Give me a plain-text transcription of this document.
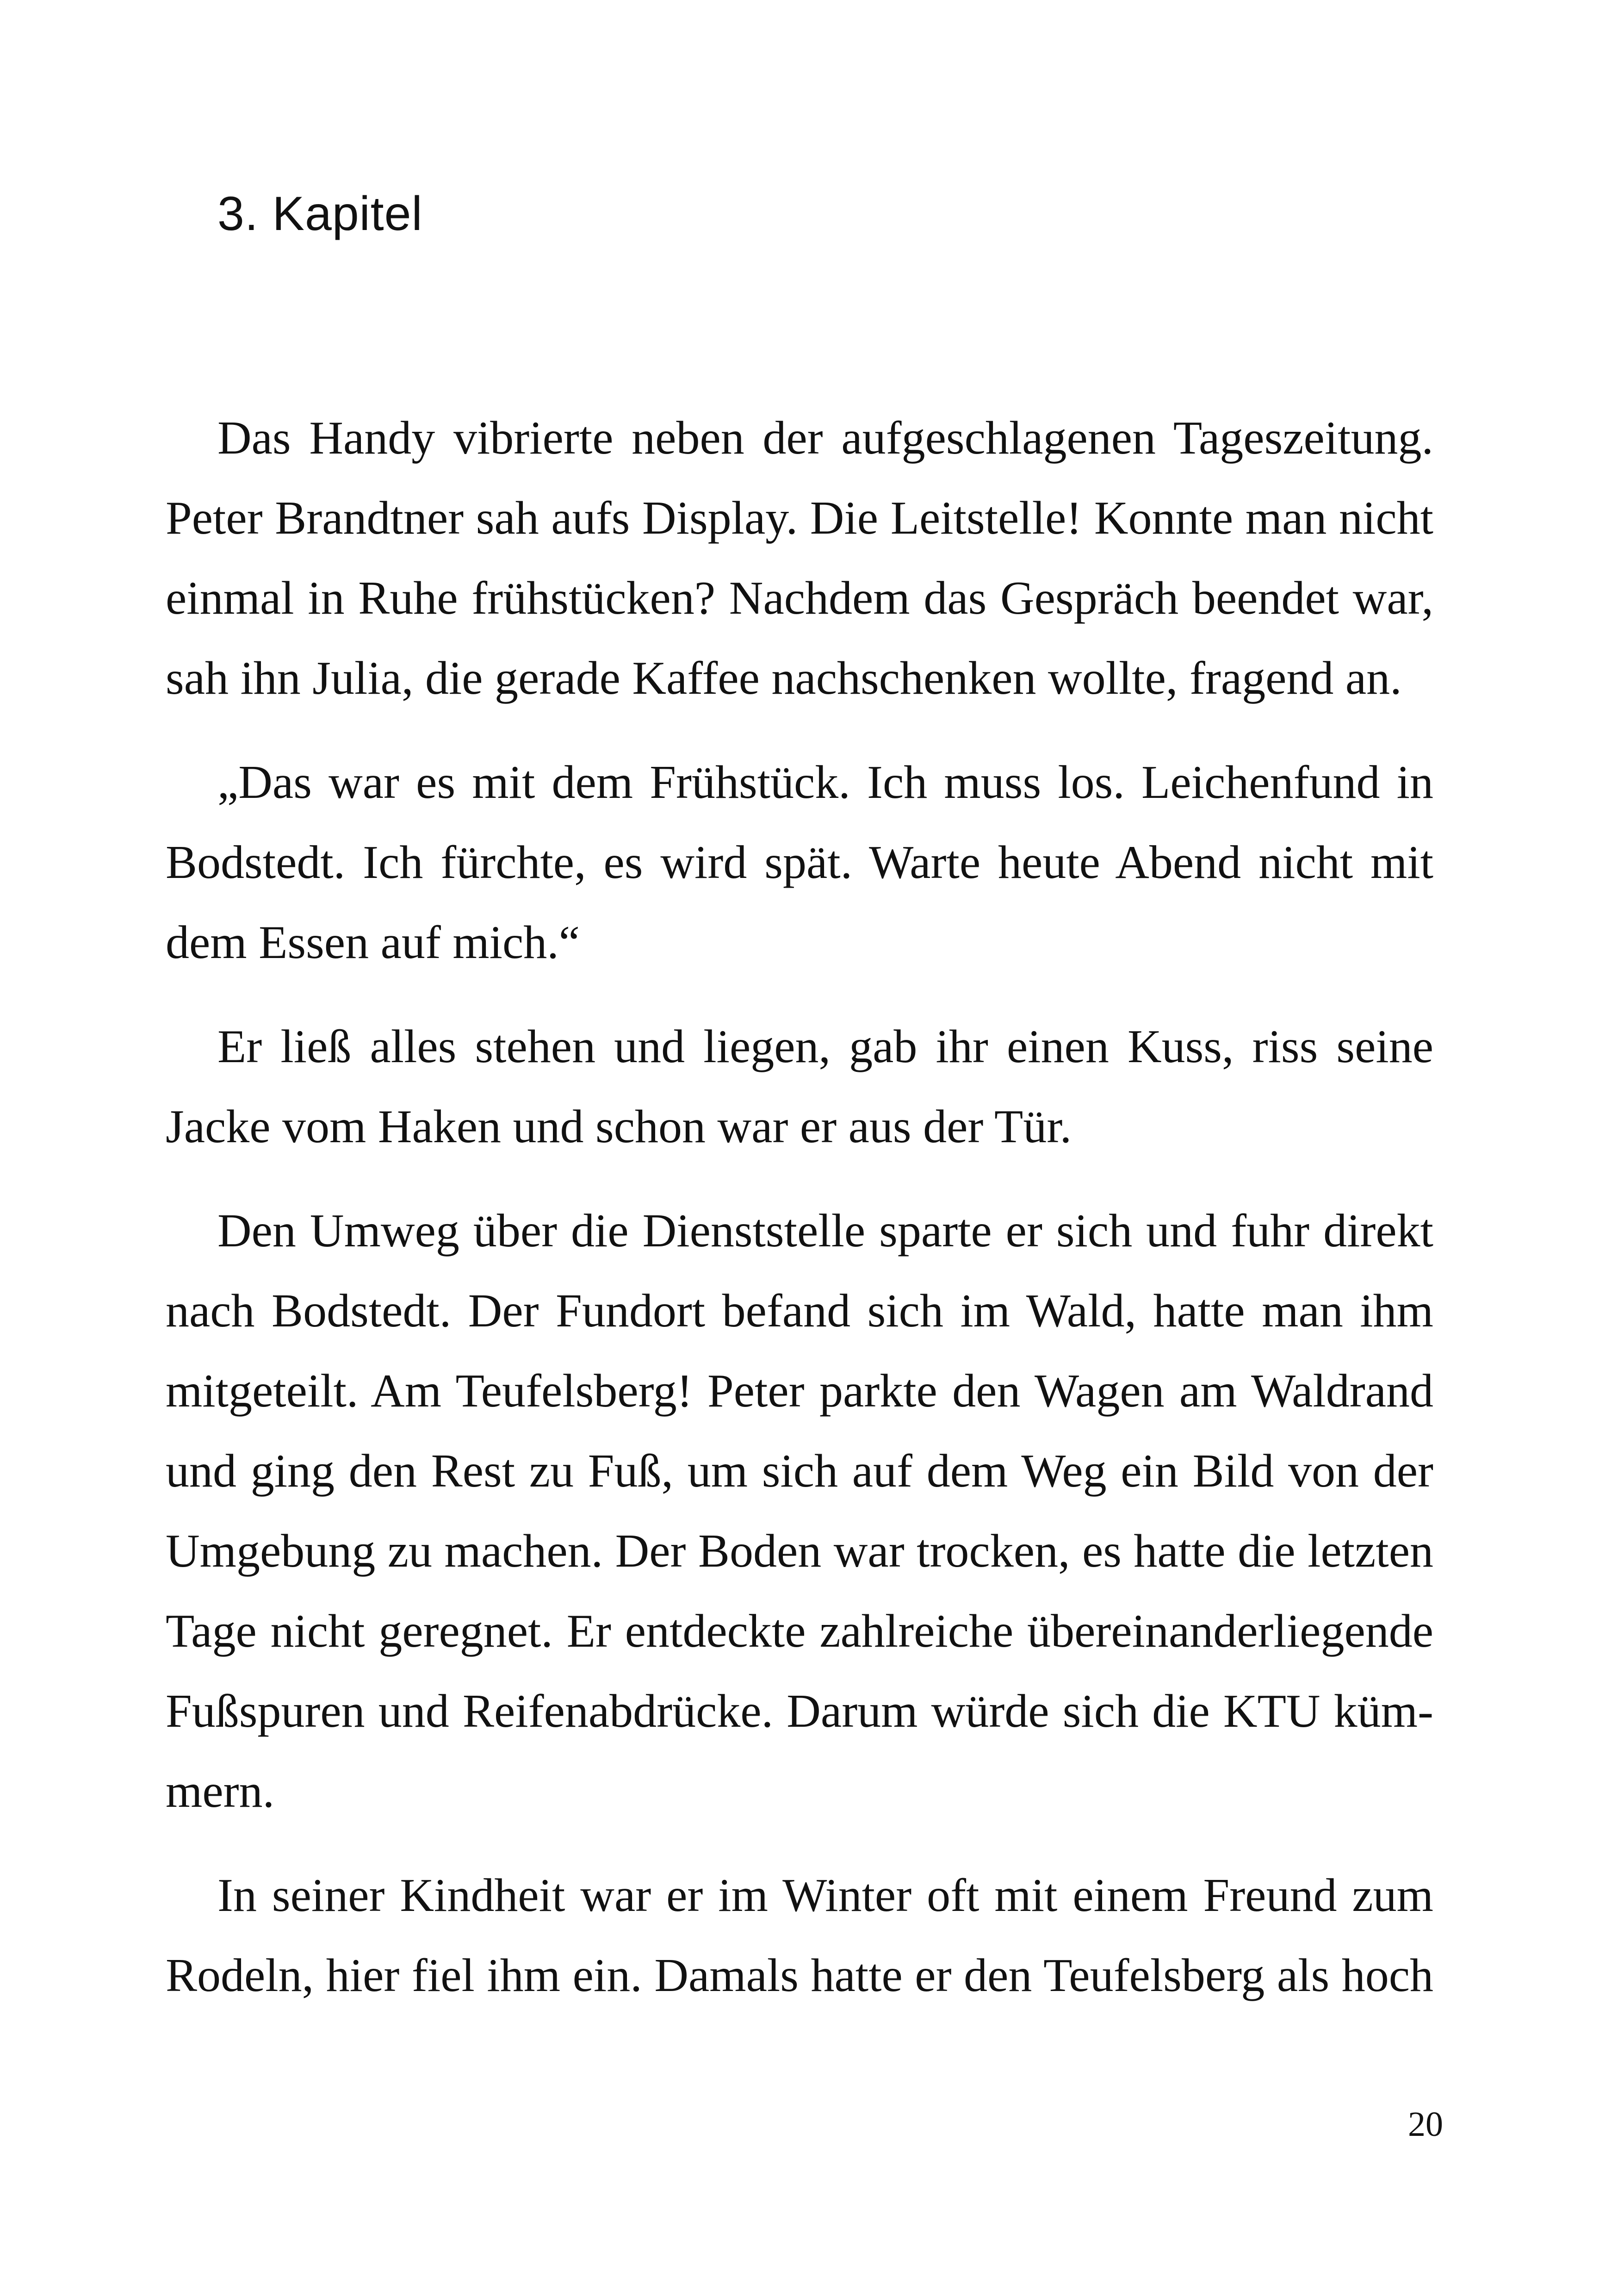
3. Kapitel

Das Handy vibrierte neben der aufgeschlagenen Tageszeitung. Peter Brandtner sah aufs Display. Die Leitstelle! Konnte man nicht einmal in Ruhe frühstücken? Nachdem das Gespräch beendet war, sah ihn Julia, die gerade Kaffee nachschenken wollte, fragend an.

„Das war es mit dem Frühstück. Ich muss los. Leichenfund in Bodstedt. Ich fürchte, es wird spät. Warte heute Abend nicht mit dem Essen auf mich.“

Er ließ alles stehen und liegen, gab ihr einen Kuss, riss seine Jacke vom Haken und schon war er aus der Tür.

Den Umweg über die Dienststelle sparte er sich und fuhr direkt nach Bodstedt. Der Fundort befand sich im Wald, hatte man ihm mitgeteilt. Am Teufelsberg! Peter parkte den Wagen am Waldrand und ging den Rest zu Fuß, um sich auf dem Weg ein Bild von der Umgebung zu machen. Der Boden war trocken, es hatte die letzten Tage nicht geregnet. Er entdeckte zahlreiche übereinanderliegende Fußspuren und Reifenabdrücke. Darum würde sich die KTU kümmern.

In seiner Kindheit war er im Winter oft mit einem Freund zum Rodeln, hier fiel ihm ein. Damals hatte er den Teufelsberg als hoch

20
